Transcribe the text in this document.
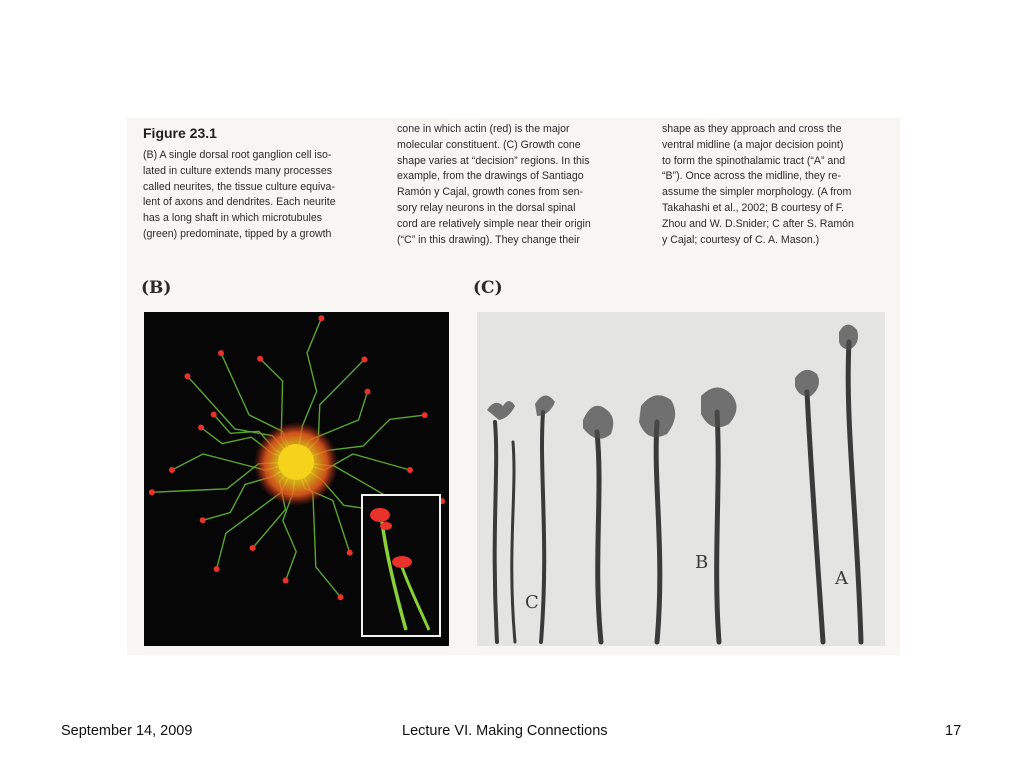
Figure 23.1
(B) A single dorsal root ganglion cell iso-
lated in culture extends many processes
called neurites, the tissue culture equiva-
lent of axons and dendrites. Each neurite
has a long shaft in which microtubules
(green) predominate, tipped by a growth
cone in which actin (red) is the major
molecular constituent. (C) Growth cone
shape varies at “decision” regions. In this
example, from the drawings of Santiago
Ramón y Cajal, growth cones from sen-
sory relay neurons in the dorsal spinal
cord are relatively simple near their origin
(“C” in this drawing). They change their
shape as they approach and cross the
ventral midline (a major decision point)
to form the spinothalamic tract (“A” and
“B”). Once across the midline, they re-
assume the simpler morphology. (A from
Takahashi et al., 2002; B courtesy of F.
Zhou and W. D.Snider; C after S. Ramón
y Cajal; courtesy of C. A. Mason.)
(B)	(C)
C
B
A
September 14, 2009	Lecture VI. Making Connections	17
